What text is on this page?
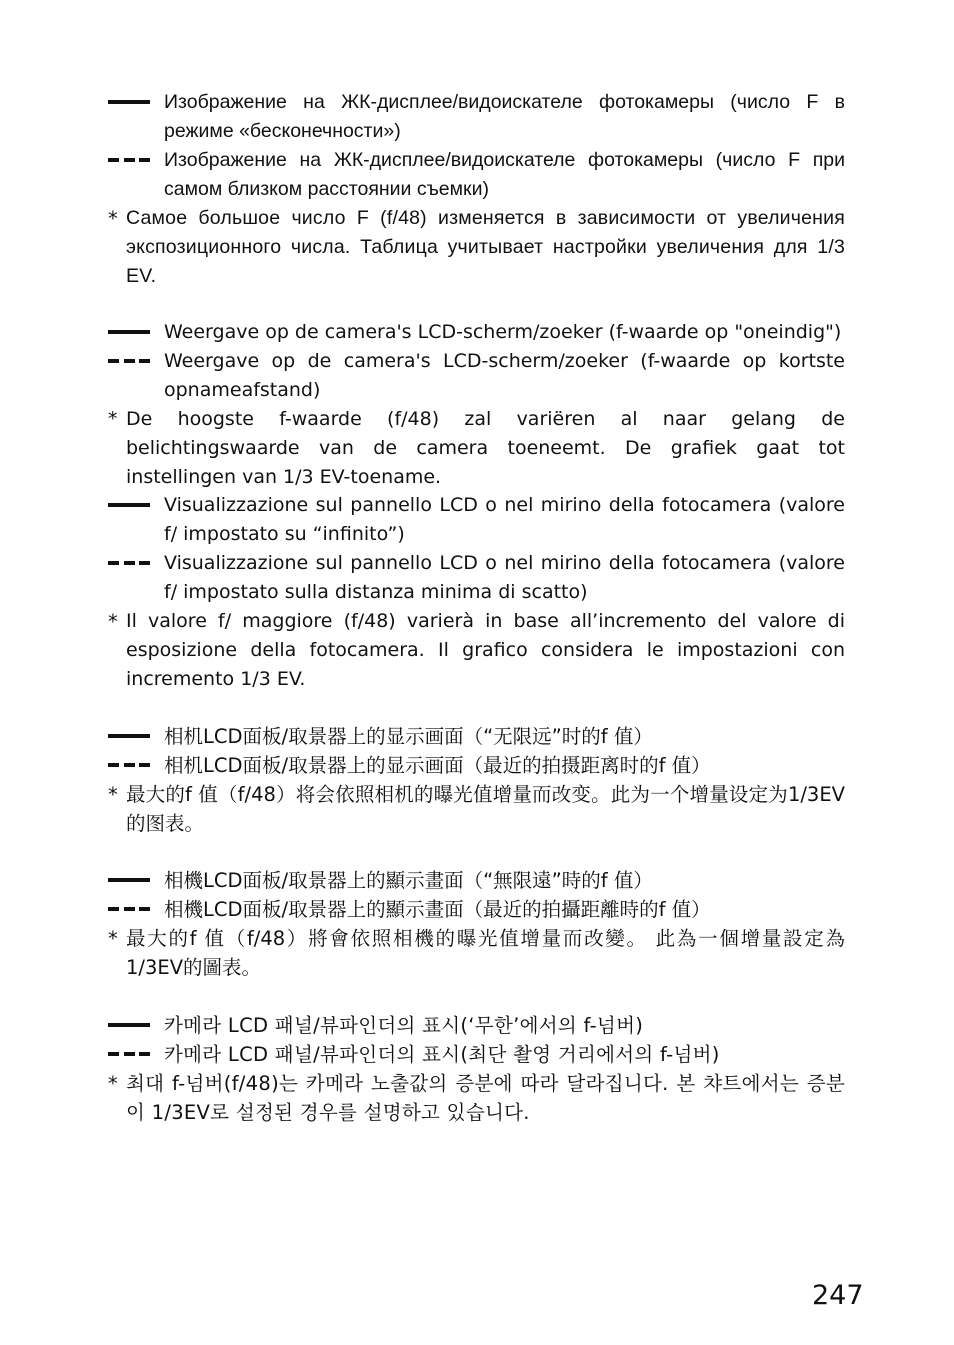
Изображение на ЖК-дисплее/видоискателе фотокамеры (число F в режиме «бесконечности»)
Изображение на ЖК-дисплее/видоискателе фотокамеры (число F при самом близком расстоянии съемки)
* Самое большое число F (f/48) изменяется в зависимости от увеличения экспозиционного числа. Таблица учитывает настройки увеличения для 1/3 EV.
Weergave op de camera's LCD-scherm/zoeker (f-waarde op "oneindig")
Weergave op de camera's LCD-scherm/zoeker (f-waarde op kortste opnameafstand)
* De hoogste f-waarde (f/48) zal variëren al naar gelang de belichtingswaarde van de camera toeneemt. De grafiek gaat tot instellingen van 1/3 EV-toename.
Visualizzazione sul pannello LCD o nel mirino della fotocamera (valore f/ impostato su “infinito”)
Visualizzazione sul pannello LCD o nel mirino della fotocamera (valore f/ impostato sulla distanza minima di scatto)
* Il valore f/ maggiore (f/48) varierà in base all’incremento del valore di esposizione della fotocamera. Il grafico considera le impostazioni con incremento 1/3 EV.
相机LCD面板/取景器上的显示画面（“无限远”时的f 值）
相机LCD面板/取景器上的显示画面（最近的拍摄距离时的f 值）
* 最大的f 值（f/48）将会依照相机的曝光值增量而改变。此为一个增量设定为1/3EV的图表。
相機LCD面板/取景器上的顯示畫面（“無限遠”時的f 值）
相機LCD面板/取景器上的顯示畫面（最近的拍攝距離時的f 值）
* 最大的f 值（f/48）將會依照相機的曝光值增量而改變。 此為一個增量設定為1/3EV的圖表。
카메라 LCD 패널/뷰파인더의 표시(‘무한’에서의 f-넘버)
카메라 LCD 패널/뷰파인더의 표시(최단 촬영 거리에서의 f-넘버)
* 최대 f-넘버(f/48)는 카메라 노출값의 증분에 따라 달라집니다. 본 챠트에서는 증분이 1/3EV로 설정된 경우를 설명하고 있습니다.
247
